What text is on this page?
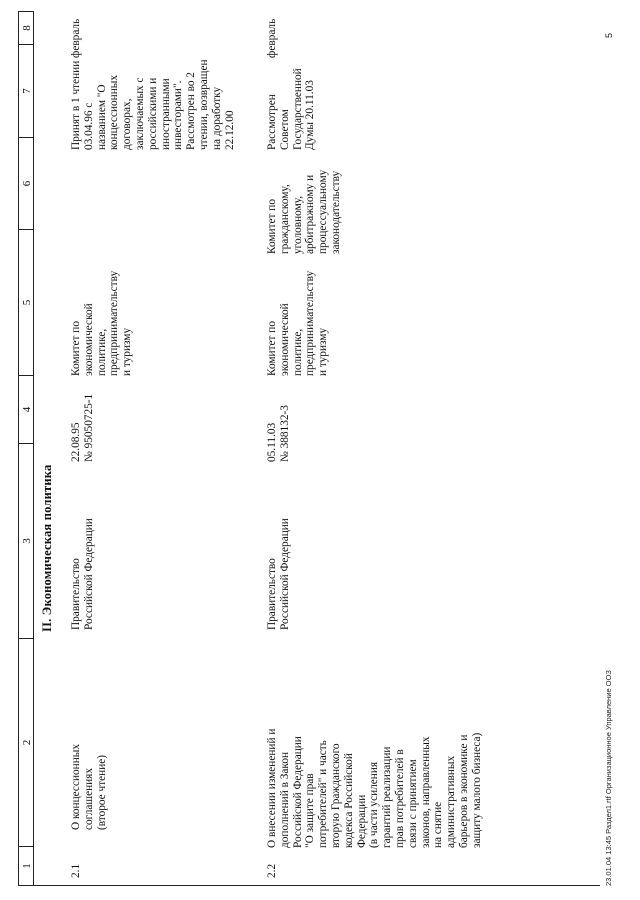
1
2
3
4
5
6
7
8
II. Экономическая политика
2.1
О концессионных соглашениях (второе чтение)
Правительство Российской Федерации
22.08.95 № 95050725-1
Комитет по экономической политике, предпринимательству и туризму
Принят в 1 чтении 03.04.96 с названием "О концессионных договорах, заключаемых с российскими и иностранными инвесторами". Рассмотрен во 2 чтении, возвращен на доработку 22.12.00
февраль
2.2
О внесении изменений и дополнений в Закон Российской Федерации "О защите прав потребителей" и часть вторую Гражданского кодекса Российской Федерации (в части усиления гарантий реализации прав потребителей в связи с принятием законов, направленных на снятие административных барьеров в экономике и защиту малого бизнеса)
Правительство Российской Федерации
05.11.03 № 388132-3
Комитет по экономической политике, предпринимательству и туризму
Комитет по гражданскому, уголовному, арбитражному и процессуальному законодательству
Рассмотрен Советом Государственной Думы 20.11.03
февраль
23.01.04 13:45 Раздел1.rtf Организационное Управление ООЗ
5
